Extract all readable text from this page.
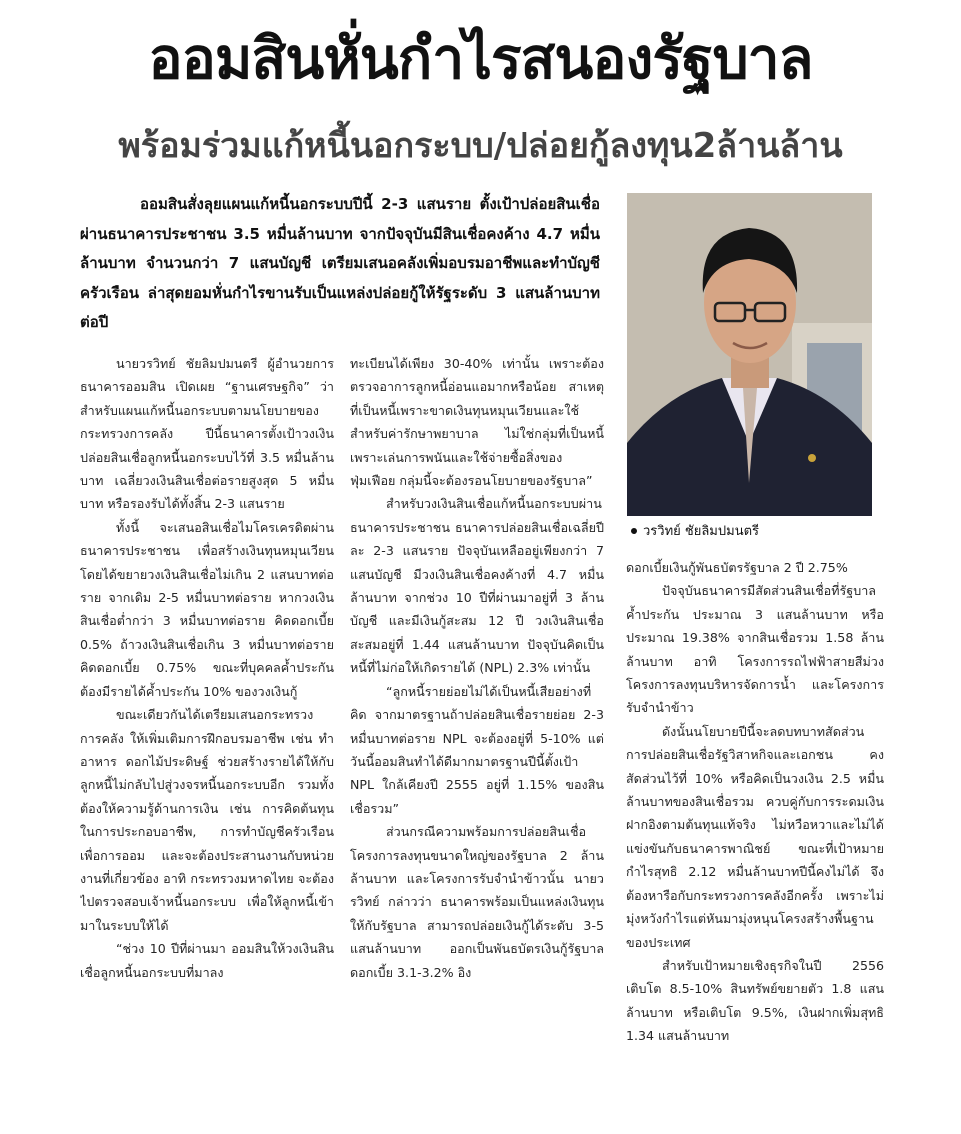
ออมสินหั่นกำไรสนองรัฐบาล
พร้อมร่วมแก้หนี้นอกระบบ/ปล่อยกู้ลงทุน2ล้านล้าน

ออมสินสั่งลุยแผนแก้หนี้นอกระบบปีนี้ 2-3 แสนราย ตั้งเป้าปล่อยสินเชื่อผ่านธนาคารประชาชน 3.5 หมื่นล้านบาท จากปัจจุบันมีสินเชื่อคงค้าง 4.7 หมื่นล้านบาท จำนวนกว่า 7 แสนบัญชี เตรียมเสนอคลังเพิ่มอบรมอาชีพและทำบัญชีครัวเรือน ล่าสุดยอมหั่นกำไรขานรับเป็นแหล่งปล่อยกู้ให้รัฐระดับ 3 แสนล้านบาทต่อปี

วรวิทย์ ชัยลิมปมนตรี

นายวรวิทย์ ชัยลิมปมนตรี ผู้อำนวยการธนาคารออมสิน เปิดเผย “ฐานเศรษฐกิจ” ว่า สำหรับแผนแก้หนี้นอกระบบตามนโยบายของกระทรวงการคลัง ปีนี้ธนาคารตั้งเป้าวงเงินปล่อยสินเชื่อลูกหนี้นอกระบบไว้ที่ 3.5 หมื่นล้านบาท เฉลี่ยวงเงินสินเชื่อต่อรายสูงสุด 5 หมื่นบาท หรือรองรับได้ทั้งสิ้น 2-3 แสนราย

ทั้งนี้ จะเสนอสินเชื่อไมโครเครดิตผ่านธนาคารประชาชน เพื่อสร้างเงินทุนหมุนเวียน โดยได้ขยายวงเงินสินเชื่อไม่เกิน 2 แสนบาทต่อราย จากเดิม 2-5 หมื่นบาทต่อราย หากวงเงินสินเชื่อต่ำกว่า 3 หมื่นบาทต่อราย คิดดอกเบี้ย 0.5% ถ้าวงเงินสินเชื่อเกิน 3 หมื่นบาทต่อราย คิดดอกเบี้ย 0.75% ขณะที่บุคคลค้ำประกัน ต้องมีรายได้ค้ำประกัน 10% ของวงเงินกู้

ขณะเดียวกันได้เตรียมเสนอกระทรวงการคลัง ให้เพิ่มเติมการฝึกอบรมอาชีพ เช่น ทำอาหาร ดอกไม้ประดิษฐ์ ช่วยสร้างรายได้ให้กับลูกหนี้ไม่กลับไปสู่วงจรหนี้นอกระบบอีก รวมทั้งต้องให้ความรู้ด้านการเงิน เช่น การคิดต้นทุนในการประกอบอาชีพ, การทำบัญชีครัวเรือนเพื่อการออม และจะต้องประสานงานกับหน่วยงานที่เกี่ยวข้อง อาทิ กระทรวงมหาดไทย จะต้องไปตรวจสอบเจ้าหนี้นอกระบบ เพื่อให้ลูกหนี้เข้ามาในระบบให้ได้

“ช่วง 10 ปีที่ผ่านมา ออมสินให้วงเงินสินเชื่อลูกหนี้นอกระบบที่มาลง

ทะเบียนได้เพียง 30-40% เท่านั้น เพราะต้องตรวจอาการลูกหนี้อ่อนแอมากหรือน้อย สาเหตุที่เป็นหนี้เพราะขาดเงินทุนหมุนเวียนและใช้สำหรับค่ารักษาพยาบาล ไม่ใช่กลุ่มที่เป็นหนี้เพราะเล่นการพนันและใช้จ่ายซื้อสิ่งของฟุ่มเฟือย กลุ่มนี้จะต้องรอนโยบายของรัฐบาล”

สำหรับวงเงินสินเชื่อแก้หนี้นอกระบบผ่านธนาคารประชาชน ธนาคารปล่อยสินเชื่อเฉลี่ยปีละ 2-3 แสนราย ปัจจุบันเหลืออยู่เพียงกว่า 7 แสนบัญชี มีวงเงินสินเชื่อคงค้างที่ 4.7 หมื่นล้านบาท จากช่วง 10 ปีที่ผ่านมาอยู่ที่ 3 ล้านบัญชี และมีเงินกู้สะสม 12 ปี วงเงินสินเชื่อสะสมอยู่ที่ 1.44 แสนล้านบาท ปัจจุบันคิดเป็นหนี้ที่ไม่ก่อให้เกิดรายได้ (NPL) 2.3% เท่านั้น

“ลูกหนี้รายย่อยไม่ได้เป็นหนี้เสียอย่างที่คิด จากมาตรฐานถ้าปล่อยสินเชื่อรายย่อย 2-3 หมื่นบาทต่อราย NPL จะต้องอยู่ที่ 5-10% แต่วันนี้ออมสินทำได้ดีมากมาตรฐานปีนี้ตั้งเป้า NPL ใกล้เคียงปี 2555 อยู่ที่ 1.15% ของสินเชื่อรวม”

ส่วนกรณีความพร้อมการปล่อยสินเชื่อโครงการลงทุนขนาดใหญ่ของรัฐบาล 2 ล้านล้านบาท และโครงการรับจำนำข้าวนั้น นายวรวิทย์ กล่าวว่า ธนาคารพร้อมเป็นแหล่งเงินทุนให้กับรัฐบาล สามารถปล่อยเงินกู้ได้ระดับ 3-5 แสนล้านบาท ออกเป็นพันธบัตรเงินกู้รัฐบาล ดอกเบี้ย 3.1-3.2% อิง

ดอกเบี้ยเงินกู้พันธบัตรรัฐบาล 2 ปี 2.75%

ปัจจุบันธนาคารมีสัดส่วนสินเชื่อที่รัฐบาลค้ำประกัน ประมาณ 3 แสนล้านบาท หรือประมาณ 19.38% จากสินเชื่อรวม 1.58 ล้านล้านบาท อาทิ โครงการรถไฟฟ้าสายสีม่วงโครงการลงทุนบริหารจัดการน้ำ และโครงการรับจำนำข้าว

ดังนั้นนโยบายปีนี้จะลดบทบาทสัดส่วนการปล่อยสินเชื่อรัฐวิสาหกิจและเอกชน คงสัดส่วนไว้ที่ 10% หรือคิดเป็นวงเงิน 2.5 หมื่นล้านบาทของสินเชื่อรวม ควบคู่กับการระดมเงินฝากอิงตามต้นทุนแท้จริง ไม่หวือหวาและไม่ได้แข่งขันกับธนาคารพาณิชย์ ขณะที่เป้าหมายกำไรสุทธิ 2.12 หมื่นล้านบาทปีนี้คงไม่ได้ จึงต้องหารือกับกระทรวงการคลังอีกครั้ง เพราะไม่มุ่งหวังกำไรแต่หันมามุ่งหนุนโครงสร้างพื้นฐานของประเทศ

สำหรับเป้าหมายเชิงธุรกิจในปี 2556 เติบโต 8.5-10% สินทรัพย์ขยายตัว 1.8 แสนล้านบาท หรือเติบโต 9.5%, เงินฝากเพิ่มสุทธิ 1.34 แสนล้านบาท
